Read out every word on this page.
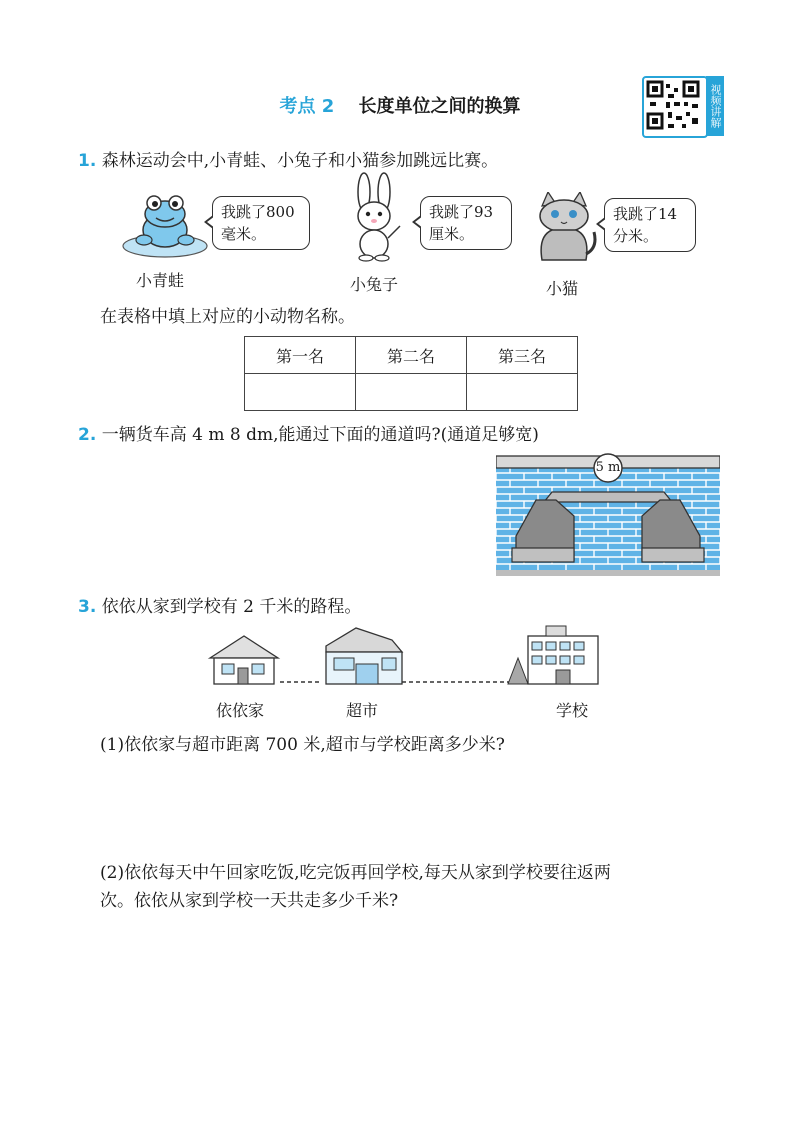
考点 2 长度单位之间的换算	视频讲解
1. 森林运动会中,小青蛙、小兔子和小猫参加跳远比赛。
我跳了800
毫米。
小青蛙
我跳了93
厘米。
小兔子
我跳了14
分米。
小猫
在表格中填上对应的小动物名称。
第一名	第二名	第三名

2. 一辆货车高 4 m 8 dm,能通过下面的通道吗?(通道足够宽)
5 m
3. 依依从家到学校有 2 千米的路程。
依依家	超市	学校
(1)依依家与超市距离 700 米,超市与学校距离多少米?
(2)依依每天中午回家吃饭,吃完饭再回学校,每天从家到学校要往返两
次。依依从家到学校一天共走多少千米?
